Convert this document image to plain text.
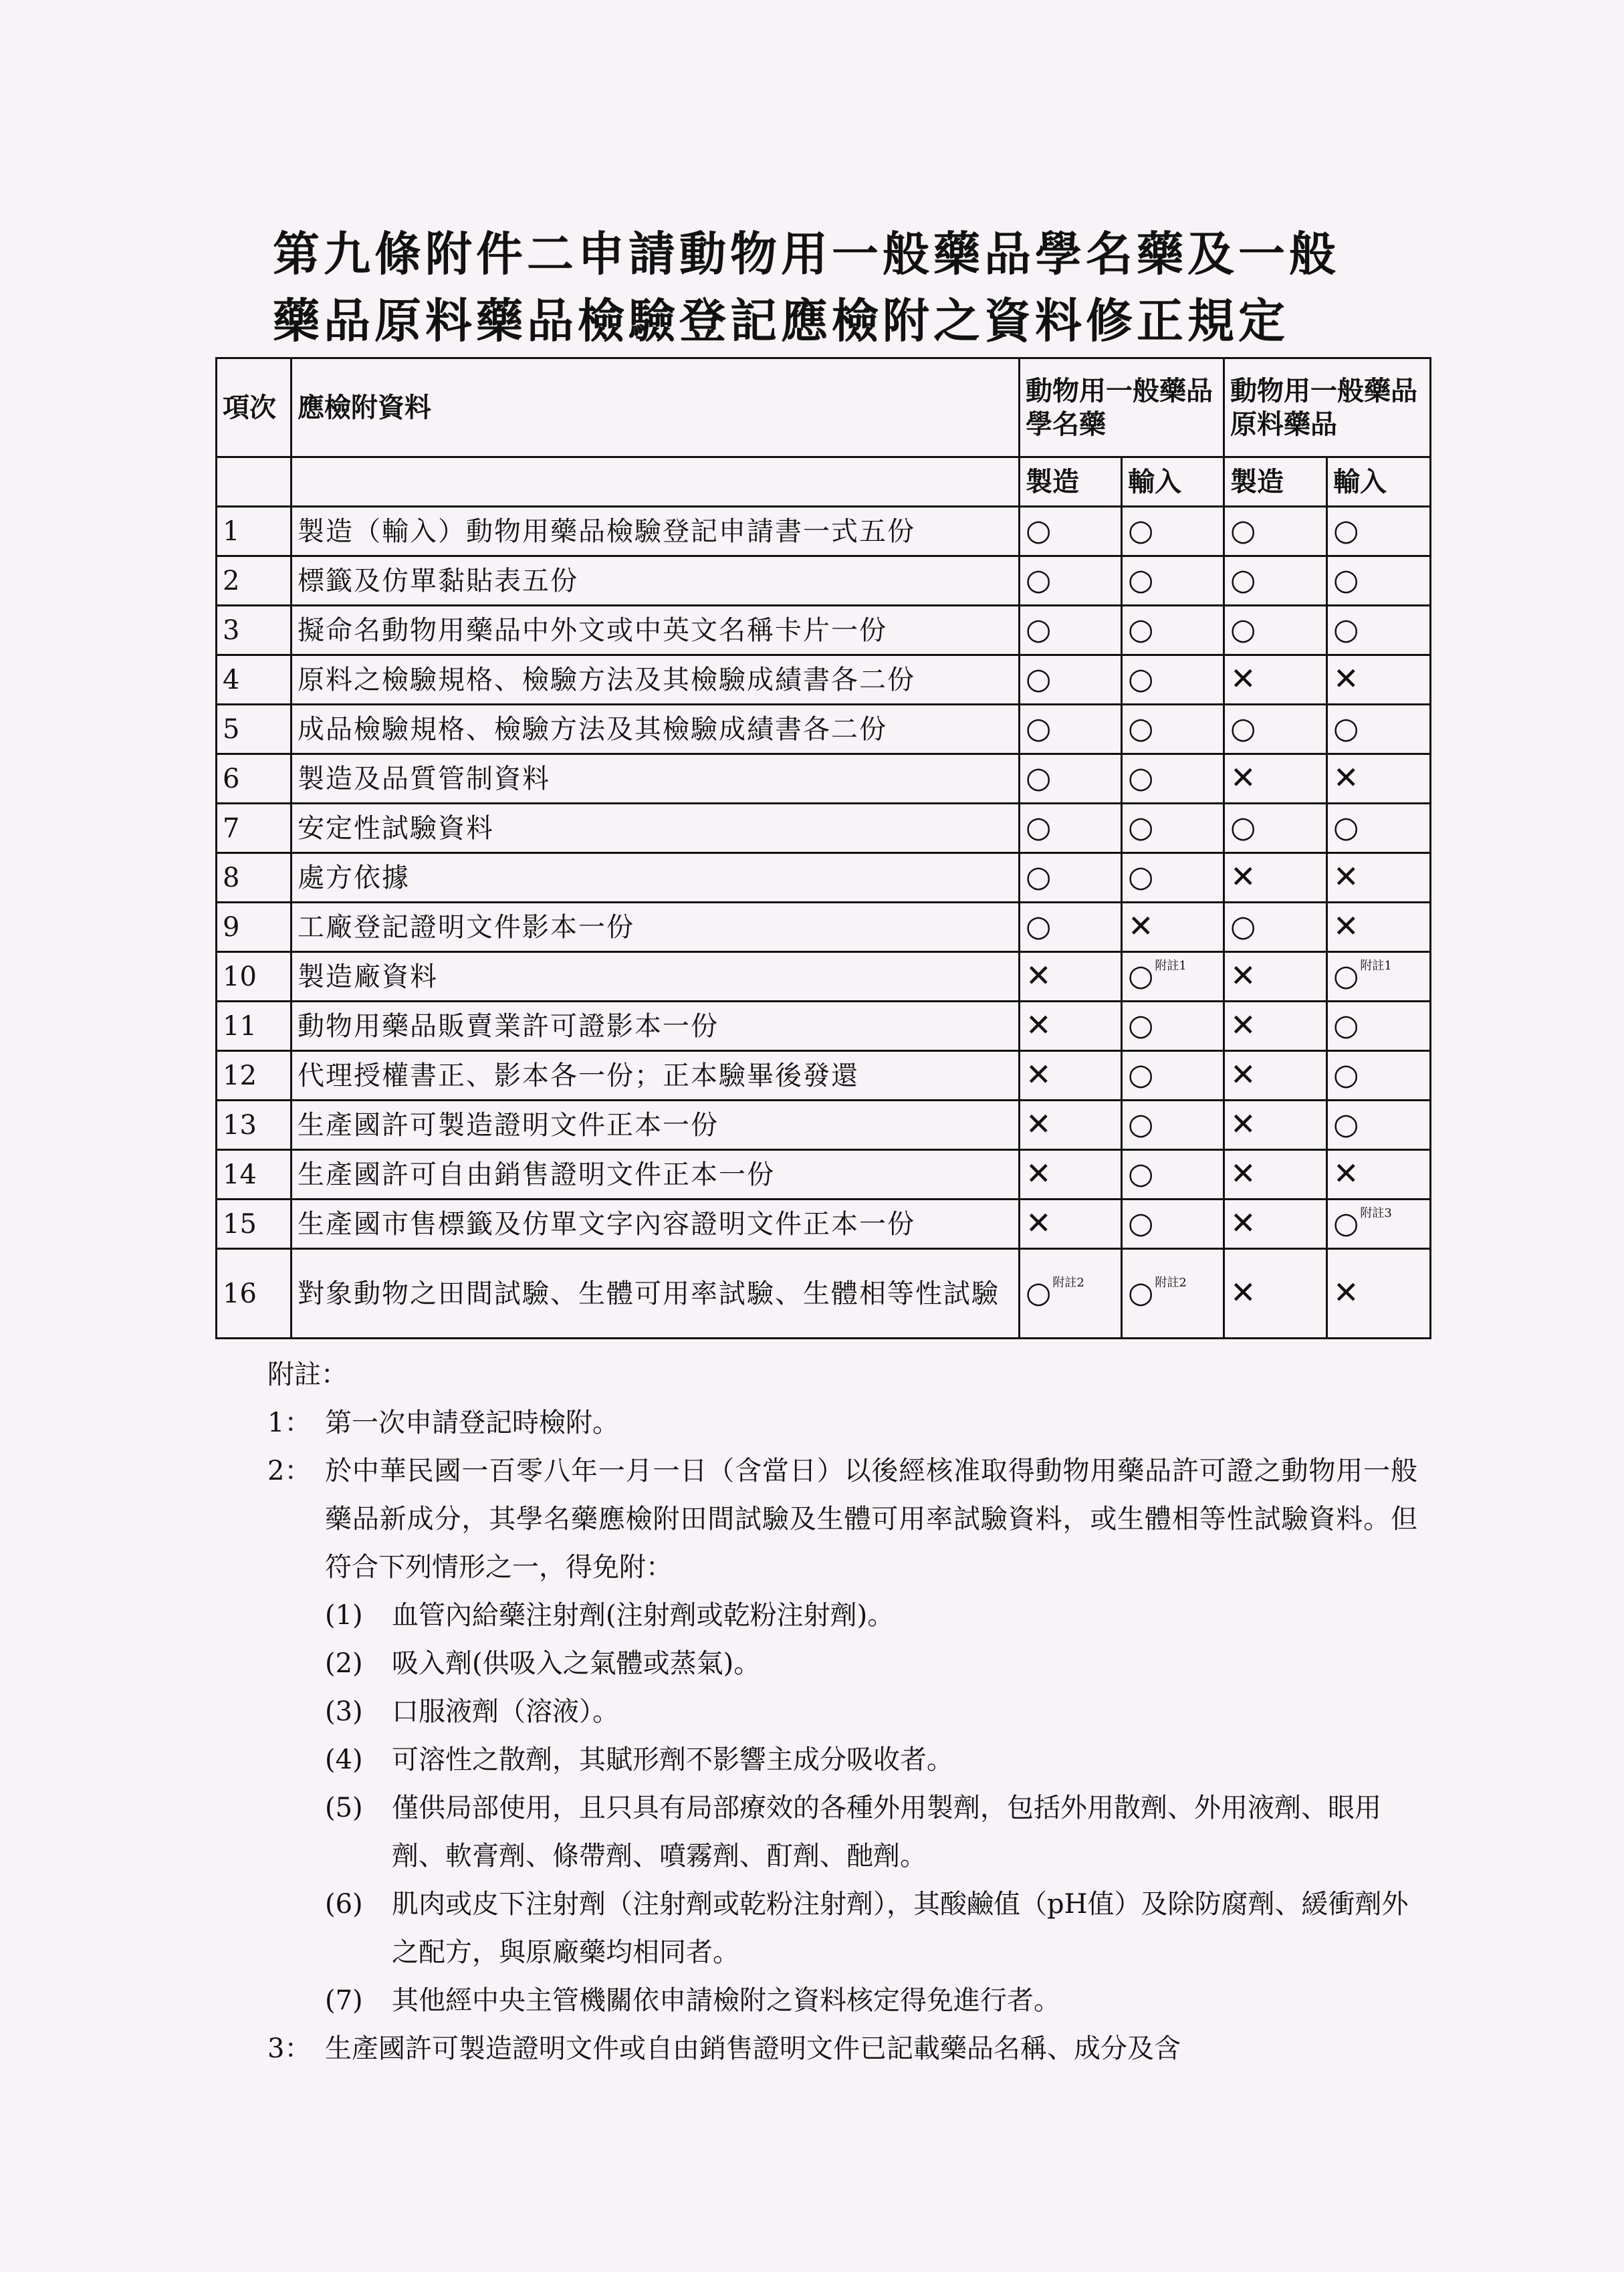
第九條附件二申請動物用一般藥品學名藥及一般
藥品原料藥品檢驗登記應檢附之資料修正規定
項次	應檢附資料	動物用一般藥品學名藥		動物用一般藥品原料藥品	
		製造	輸入	製造	輸入
1	製造（輸入）動物用藥品檢驗登記申請書一式五份	○	○	○	○
2	標籤及仿單黏貼表五份	○	○	○	○
3	擬命名動物用藥品中外文或中英文名稱卡片一份	○	○	○	○
4	原料之檢驗規格、檢驗方法及其檢驗成績書各二份	○	○	✕	✕
5	成品檢驗規格、檢驗方法及其檢驗成績書各二份	○	○	○	○
6	製造及品質管制資料	○	○	✕	✕
7	安定性試驗資料	○	○	○	○
8	處方依據	○	○	✕	✕
9	工廠登記證明文件影本一份	○	✕	○	✕
10	製造廠資料	✕	○ $^{附註1}$	✕	○ $^{附註1}$
11	動物用藥品販賣業許可證影本一份	✕	○	✕	○
12	代理授權書正、影本各一份；正本驗畢後發還	✕	○	✕	○
13	生產國許可製造證明文件正本一份	✕	○	✕	○
14	生產國許可自由銷售證明文件正本一份	✕	○	✕	✕
15	生產國市售標籤及仿單文字內容證明文件正本一份	✕	○	✕	○ $^{附註3}$
16	對象動物之田間試驗、生體可用率試驗、生體相等性試驗	○ $^{附註2}$	○ $^{附註2}$	✕	✕
附註：
1： 第一次申請登記時檢附。
2： 於中華民國一百零八年一月一日（含當日）以後經核准取得動物用藥品許可證之動物用一般藥品新成分，其學名藥應檢附田間試驗及生體可用率試驗資料，或生體相等性試驗資料。但符合下列情形之一，得免附：
(1) 血管內給藥注射劑(注射劑或乾粉注射劑)。
(2) 吸入劑(供吸入之氣體或蒸氣)。
(3) 口服液劑（溶液）。
(4) 可溶性之散劑，其賦形劑不影響主成分吸收者。
(5) 僅供局部使用，且只具有局部療效的各種外用製劑，包括外用散劑、外用液劑、眼用劑、軟膏劑、條帶劑、噴霧劑、酊劑、酏劑。
(6) 肌肉或皮下注射劑（注射劑或乾粉注射劑），其酸鹼值（pH值）及除防腐劑、緩衝劑外之配方，與原廠藥均相同者。
(7) 其他經中央主管機關依申請檢附之資料核定得免進行者。
3： 生產國許可製造證明文件或自由銷售證明文件已記載藥品名稱、成分及含
